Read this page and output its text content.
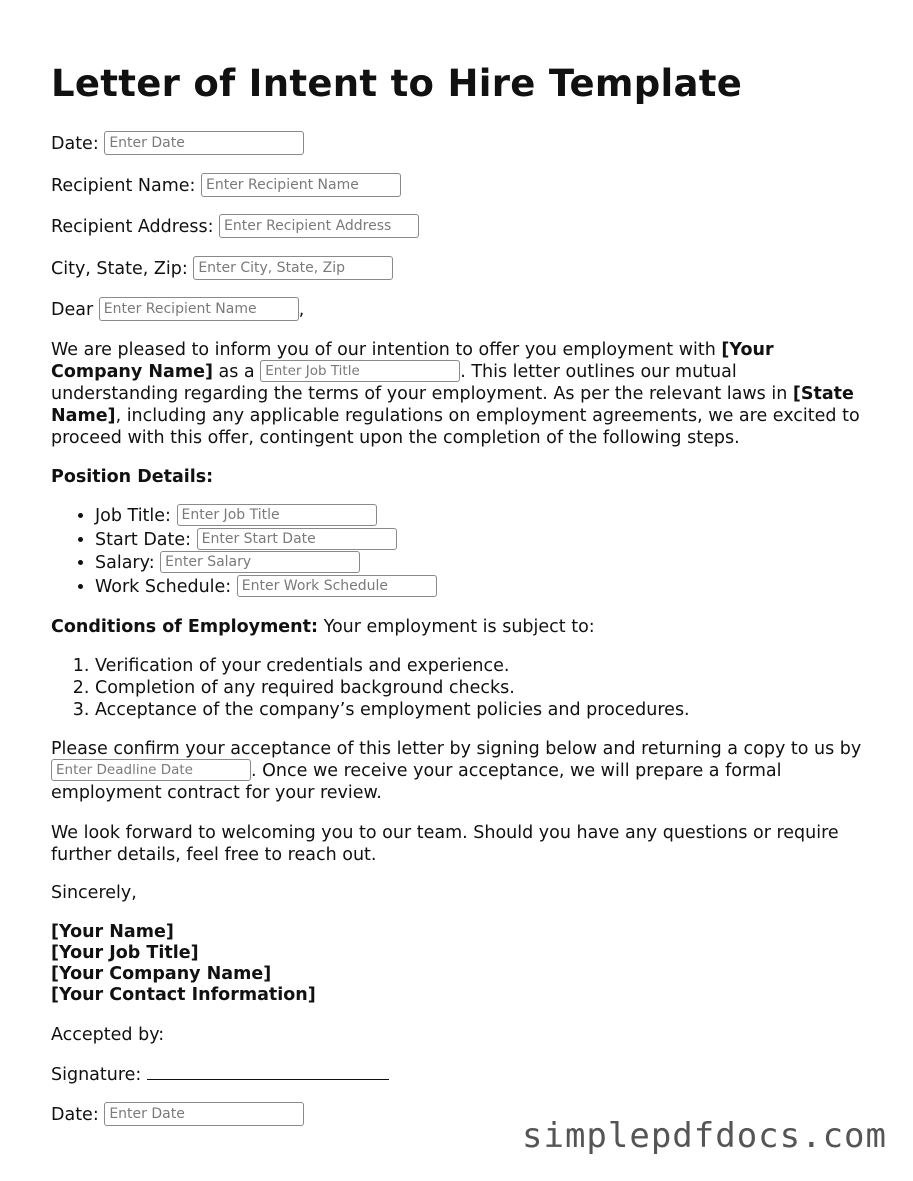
Letter of Intent to Hire Template
Date: Enter Date
Recipient Name: Enter Recipient Name
Recipient Address: Enter Recipient Address
City, State, Zip: Enter City, State, Zip
Dear Enter Recipient Name	,
We are pleased to inform you of our intention to offer you employment with [Your Company Name] as a Enter Job Title	. This letter outlines our mutual understanding regarding the terms of your employment. As per the relevant laws in [State Name], including any applicable regulations on employment agreements, we are excited to proceed with this offer, contingent upon the completion of the following steps.
Position Details:
• Job Title: Enter Job Title
• Start Date: Enter Start Date
• Salary: Enter Salary
• Work Schedule: Enter Work Schedule
Conditions of Employment: Your employment is subject to:
1. Verification of your credentials and experience.
2. Completion of any required background checks.
3. Acceptance of the company’s employment policies and procedures.
Please confirm your acceptance of this letter by signing below and returning a copy to us by Enter Deadline Date. Once we receive your acceptance, we will prepare a formal employment contract for your review.
We look forward to welcoming you to our team. Should you have any questions or require further details, feel free to reach out.
Sincerely,
[Your Name]
[Your Job Title]
[Your Company Name]
[Your Contact Information]
Accepted by:
Signature:
Date: Enter Date
simplepdfdocs.com
